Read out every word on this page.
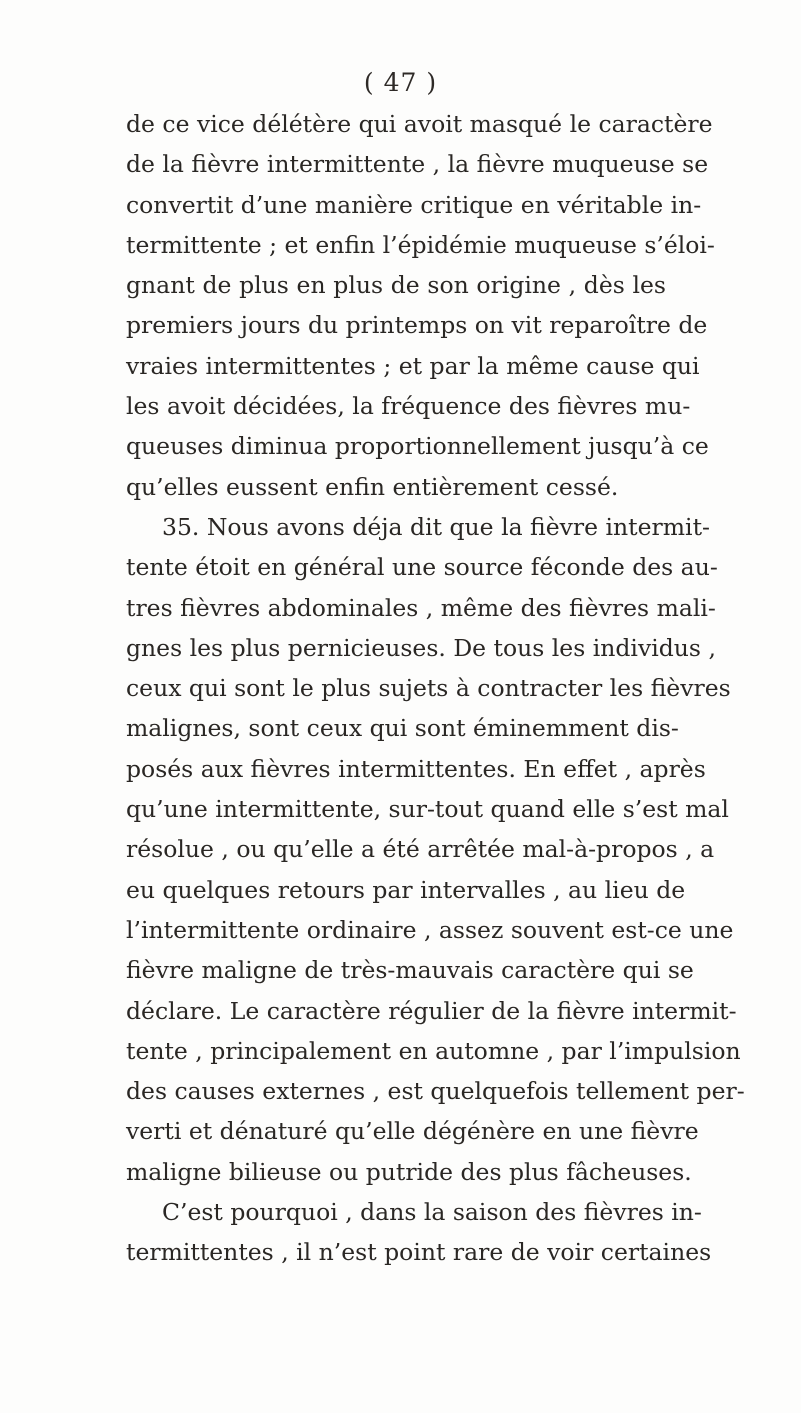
( 47 )
de ce vice délétère qui avoit masqué le caractère
de la fièvre intermittente , la fièvre muqueuse se
convertit d’une manière critique en véritable in-
termittente ; et enfin l’épidémie muqueuse s’éloi-
gnant de plus en plus de son origine , dès les
premiers jours du printemps on vit reparoître de
vraies intermittentes ; et par la même cause qui
les avoit décidées, la fréquence des fièvres mu-
queuses diminua proportionnellement jusqu’à ce
qu’elles eussent enfin entièrement cessé.
35. Nous avons déja dit que la fièvre intermit-
tente étoit en général une source féconde des au-
tres fièvres abdominales , même des fièvres mali-
gnes les plus pernicieuses. De tous les individus ,
ceux qui sont le plus sujets à contracter les fièvres
malignes, sont ceux qui sont éminemment dis-
posés aux fièvres intermittentes. En effet , après
qu’une intermittente, sur-tout quand elle s’est mal
résolue , ou qu’elle a été arrêtée mal-à-propos , a
eu quelques retours par intervalles , au lieu de
l’intermittente ordinaire , assez souvent est-ce une
fièvre maligne de très-mauvais caractère qui se
déclare. Le caractère régulier de la fièvre intermit-
tente , principalement en automne , par l’impulsion
des causes externes , est quelquefois tellement per-
verti et dénaturé qu’elle dégénère en une fièvre
maligne bilieuse ou putride des plus fâcheuses.
C’est pourquoi , dans la saison des fièvres in-
termittentes , il n’est point rare de voir certaines
